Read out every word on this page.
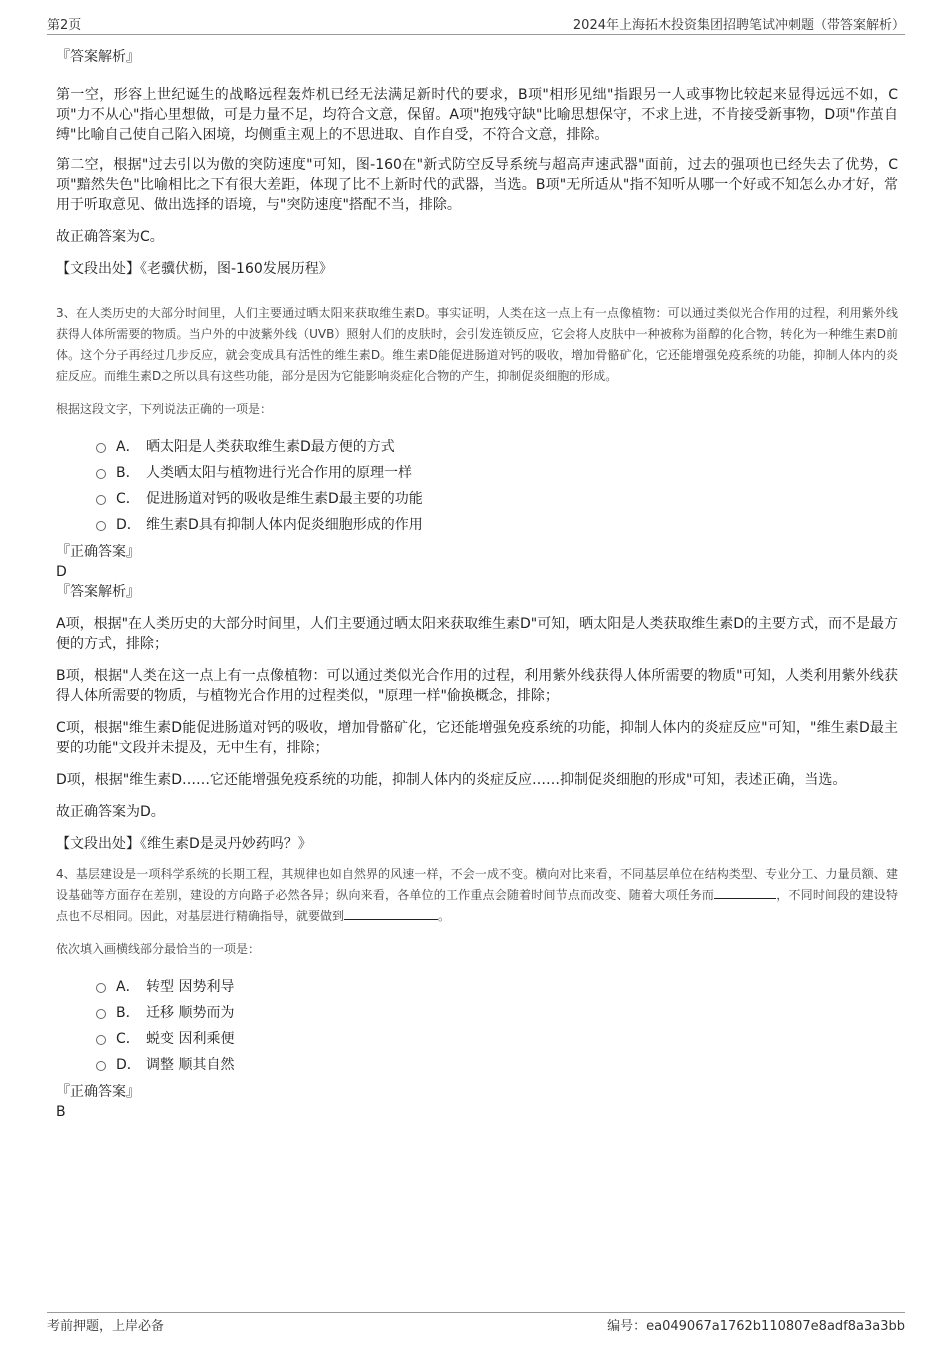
第2页	2024年上海拓木投资集团招聘笔试冲刺题（带答案解析）

『答案解析』

第一空，形容上世纪诞生的战略远程轰炸机已经无法满足新时代的要求，B项"相形见绌"指跟另一人或事物比较起来显得远远不如，C项"力不从心"指心里想做，可是力量不足，均符合文意，保留。A项"抱残守缺"比喻思想保守，不求上进，不肯接受新事物，D项"作茧自缚"比喻自己使自己陷入困境，均侧重主观上的不思进取、自作自受，不符合文意，排除。

第二空，根据"过去引以为傲的突防速度"可知，图-160在"新式防空反导系统与超高声速武器"面前，过去的强项也已经失去了优势，C项"黯然失色"比喻相比之下有很大差距，体现了比不上新时代的武器，当选。B项"无所适从"指不知听从哪一个好或不知怎么办才好，常用于听取意见、做出选择的语境，与"突防速度"搭配不当，排除。

故正确答案为C。

【文段出处】《老骥伏枥，图-160发展历程》

3、在人类历史的大部分时间里，人们主要通过晒太阳来获取维生素D。事实证明，人类在这一点上有一点像植物：可以通过类似光合作用的过程，利用紫外线获得人体所需要的物质。当户外的中波紫外线（UVB）照射人们的皮肤时，会引发连锁反应，它会将人皮肤中一种被称为甾醇的化合物，转化为一种维生素D前体。这个分子再经过几步反应，就会变成具有活性的维生素D。维生素D能促进肠道对钙的吸收，增加骨骼矿化，它还能增强免疫系统的功能，抑制人体内的炎症反应。而维生素D之所以具有这些功能，部分是因为它能影响炎症化合物的产生，抑制促炎细胞的形成。

根据这段文字，下列说法正确的一项是：

A． 晒太阳是人类获取维生素D最方便的方式
B． 人类晒太阳与植物进行光合作用的原理一样
C． 促进肠道对钙的吸收是维生素D最主要的功能
D． 维生素D具有抑制人体内促炎细胞形成的作用

『正确答案』

D

『答案解析』

A项，根据"在人类历史的大部分时间里，人们主要通过晒太阳来获取维生素D"可知，晒太阳是人类获取维生素D的主要方式，而不是最方便的方式，排除；

B项，根据"人类在这一点上有一点像植物：可以通过类似光合作用的过程，利用紫外线获得人体所需要的物质"可知，人类利用紫外线获得人体所需要的物质，与植物光合作用的过程类似，"原理一样"偷换概念，排除；

C项，根据"维生素D能促进肠道对钙的吸收，增加骨骼矿化，它还能增强免疫系统的功能，抑制人体内的炎症反应"可知，"维生素D最主要的功能"文段并未提及，无中生有，排除；

D项，根据"维生素D……它还能增强免疫系统的功能，抑制人体内的炎症反应……抑制促炎细胞的形成"可知，表述正确，当选。

故正确答案为D。

【文段出处】《维生素D是灵丹妙药吗？》

4、基层建设是一项科学系统的长期工程，其规律也如自然界的风速一样，不会一成不变。横向对比来看，不同基层单位在结构类型、专业分工、力量员额、建设基础等方面存在差别，建设的方向路子必然各异；纵向来看，各单位的工作重点会随着时间节点而改变、随着大项任务而	，不同时间段的建设特点也不尽相同。因此，对基层进行精确指导，就要做到	。

依次填入画横线部分最恰当的一项是：

A． 转型 因势利导
B． 迁移 顺势而为
C． 蜕变 因利乘便
D． 调整 顺其自然

『正确答案』

B

考前押题，上岸必备	编号：ea049067a1762b110807e8adf8a3a3bb
